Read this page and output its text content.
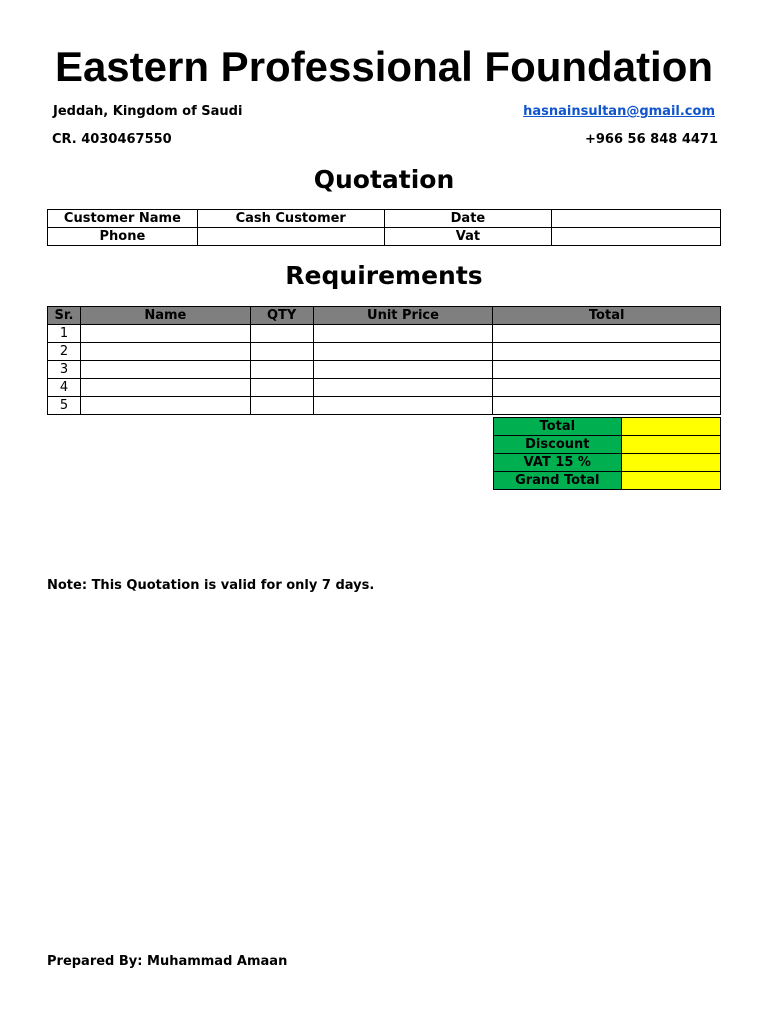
Eastern Professional Foundation
Jeddah, Kingdom of Saudi	hasnainsultan@gmail.com
CR. 4030467550	+966 56 848 4471
Quotation
Customer Name	Cash Customer	Date	
Phone		Vat	
Requirements
Sr.	Name	QTY	Unit Price	Total
1				
2				
3				
4				
5				
Total	
Discount	
VAT 15 %	
Grand Total	
Note: This Quotation is valid for only 7 days.
Prepared By: Muhammad Amaan
